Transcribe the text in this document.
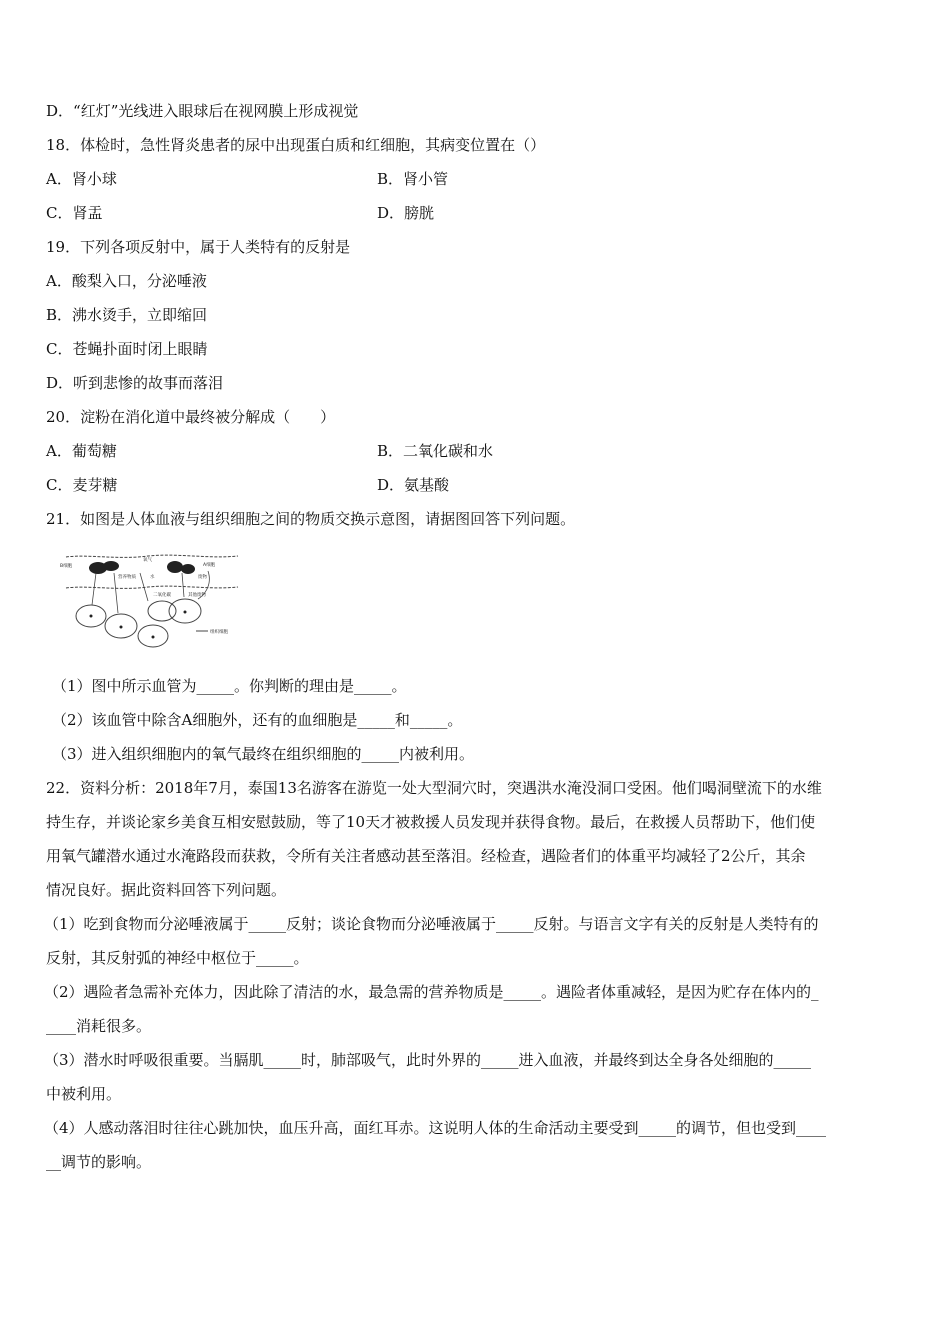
D．“红灯”光线进入眼球后在视网膜上形成视觉
18．体检时，急性肾炎患者的尿中出现蛋白质和红细胞，其病变位置在（）
A．肾小球	B．肾小管
C．肾盂	D．膀胱
19．下列各项反射中，属于人类特有的反射是
A．酸梨入口，分泌唾液
B．沸水烫手，立即缩回
C．苍蝇扑面时闭上眼睛
D．听到悲惨的故事而落泪
20．淀粉在消化道中最终被分解成（　　）
A．葡萄糖	B．二氧化碳和水
C．麦芽糖	D．氨基酸
21．如图是人体血液与组织细胞之间的物质交换示意图，请据图回答下列问题。
B细胞
氧气
A细胞
营养物质	水	废物
二氧化碳	其他废物
组织细胞
（1）图中所示血管为_____。你判断的理由是_____。
（2）该血管中除含A细胞外，还有的血细胞是_____和_____。
（3）进入组织细胞内的氧气最终在组织细胞的_____内被利用。
22．资料分析：2018年7月，泰国13名游客在游览一处大型洞穴时，突遇洪水淹没洞口受困。他们喝洞壁流下的水维
持生存，并谈论家乡美食互相安慰鼓励，等了10天才被救援人员发现并获得食物。最后，在救援人员帮助下，他们使
用氧气罐潜水通过水淹路段而获救，令所有关注者感动甚至落泪。经检查，遇险者们的体重平均减轻了2公斤，其余
情况良好。据此资料回答下列问题。
（1）吃到食物而分泌唾液属于_____反射；谈论食物而分泌唾液属于_____反射。与语言文字有关的反射是人类特有的
反射，其反射弧的神经中枢位于_____。
（2）遇险者急需补充体力，因此除了清洁的水，最急需的营养物质是_____。遇险者体重减轻，是因为贮存在体内的_
____消耗很多。
（3）潜水时呼吸很重要。当膈肌_____时，肺部吸气，此时外界的_____进入血液，并最终到达全身各处细胞的_____
中被利用。
（4）人感动落泪时往往心跳加快，血压升高，面红耳赤。这说明人体的生命活动主要受到_____的调节，但也受到____
__调节的影响。
